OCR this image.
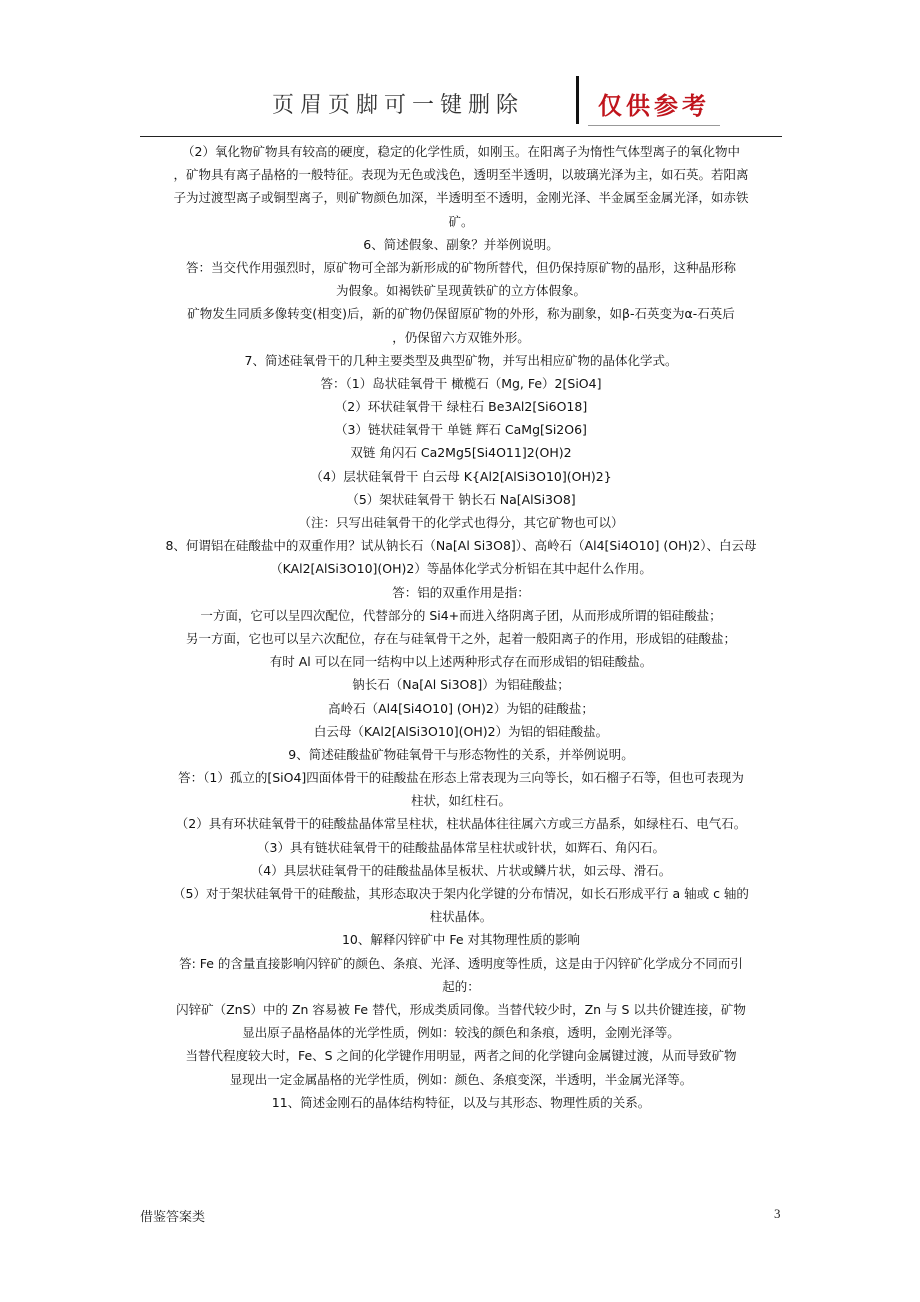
页眉页脚可一键删除	仅供参考
（2）氧化物矿物具有较高的硬度，稳定的化学性质，如刚玉。在阳离子为惰性气体型离子的氧化物中
，矿物具有离子晶格的一般特征。表现为无色或浅色，透明至半透明，以玻璃光泽为主，如石英。若阳离
子为过渡型离子或铜型离子，则矿物颜色加深，半透明至不透明，金刚光泽、半金属至金属光泽，如赤铁
矿。
6、简述假象、副象？并举例说明。
答：当交代作用强烈时，原矿物可全部为新形成的矿物所替代，但仍保持原矿物的晶形，这种晶形称
为假象。如褐铁矿呈现黄铁矿的立方体假象。
矿物发生同质多像转变(相变)后，新的矿物仍保留原矿物的外形，称为副象，如β-石英变为α-石英后
，仍保留六方双锥外形。
7、简述硅氧骨干的几种主要类型及典型矿物，并写出相应矿物的晶体化学式。
答：（1）岛状硅氧骨干 橄榄石（Mg, Fe）2[SiO4]
（2）环状硅氧骨干 绿柱石 Be3Al2[Si6O18]
（3）链状硅氧骨干 单链 辉石 CaMg[Si2O6]
双链 角闪石 Ca2Mg5[Si4O11]2(OH)2
（4）层状硅氧骨干 白云母 K{Al2[AlSi3O10](OH)2}
（5）架状硅氧骨干 钠长石 Na[AlSi3O8]
（注：只写出硅氧骨干的化学式也得分，其它矿物也可以）
8、何谓铝在硅酸盐中的双重作用？试从钠长石（Na[Al Si3O8]）、高岭石（Al4[Si4O10] (OH)2）、白云母
（KAl2[AlSi3O10](OH)2）等晶体化学式分析铝在其中起什么作用。
答：铝的双重作用是指：
一方面，它可以呈四次配位，代替部分的 Si4+而进入络阴离子团，从而形成所谓的铝硅酸盐；
另一方面，它也可以呈六次配位，存在与硅氧骨干之外，起着一般阳离子的作用，形成铝的硅酸盐；
有时 Al 可以在同一结构中以上述两种形式存在而形成铝的铝硅酸盐。
钠长石（Na[Al Si3O8]）为铝硅酸盐；
高岭石（Al4[Si4O10] (OH)2）为铝的硅酸盐；
白云母（KAl2[AlSi3O10](OH)2）为铝的铝硅酸盐。
9、简述硅酸盐矿物硅氧骨干与形态物性的关系，并举例说明。
答：（1）孤立的[SiO4]四面体骨干的硅酸盐在形态上常表现为三向等长，如石榴子石等，但也可表现为
柱状，如红柱石。
（2）具有环状硅氧骨干的硅酸盐晶体常呈柱状，柱状晶体往往属六方或三方晶系，如绿柱石、电气石。
（3）具有链状硅氧骨干的硅酸盐晶体常呈柱状或针状，如辉石、角闪石。
（4）具层状硅氧骨干的硅酸盐晶体呈板状、片状或鳞片状，如云母、滑石。
（5）对于架状硅氧骨干的硅酸盐，其形态取决于架内化学键的分布情况，如长石形成平行 a 轴或 c 轴的
柱状晶体。
10、解释闪锌矿中 Fe 对其物理性质的影响
答: Fe 的含量直接影响闪锌矿的颜色、条痕、光泽、透明度等性质，这是由于闪锌矿化学成分不同而引
起的：
闪锌矿（ZnS）中的 Zn 容易被 Fe 替代，形成类质同像。当替代较少时，Zn 与 S 以共价键连接，矿物
显出原子晶格晶体的光学性质，例如：较浅的颜色和条痕，透明，金刚光泽等。
当替代程度较大时，Fe、S 之间的化学键作用明显，两者之间的化学键向金属键过渡，从而导致矿物
显现出一定金属晶格的光学性质，例如：颜色、条痕变深，半透明，半金属光泽等。
11、简述金刚石的晶体结构特征，以及与其形态、物理性质的关系。
借鉴答案类	3
